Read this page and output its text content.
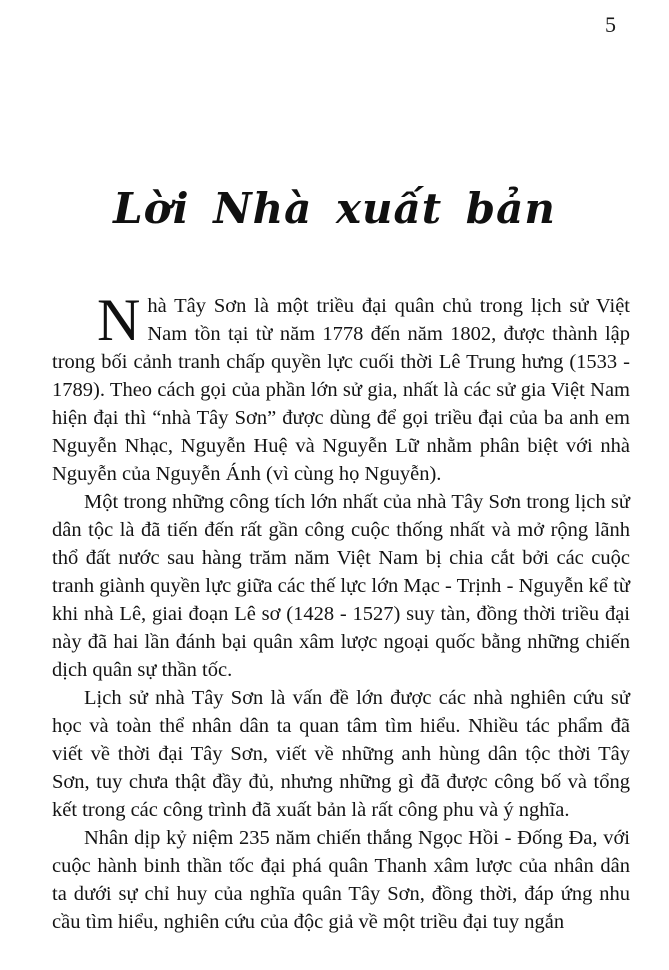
5
Lời Nhà xuất bản

Nhà Tây Sơn là một triều đại quân chủ trong lịch sử Việt Nam tồn tại từ năm 1778 đến năm 1802, được thành lập trong bối cảnh tranh chấp quyền lực cuối thời Lê Trung hưng (1533 - 1789). Theo cách gọi của phần lớn sử gia, nhất là các sử gia Việt Nam hiện đại thì “nhà Tây Sơn” được dùng để gọi triều đại của ba anh em Nguyễn Nhạc, Nguyễn Huệ và Nguyễn Lữ nhằm phân biệt với nhà Nguyễn của Nguyễn Ánh (vì cùng họ Nguyễn).

Một trong những công tích lớn nhất của nhà Tây Sơn trong lịch sử dân tộc là đã tiến đến rất gần công cuộc thống nhất và mở rộng lãnh thổ đất nước sau hàng trăm năm Việt Nam bị chia cắt bởi các cuộc tranh giành quyền lực giữa các thế lực lớn Mạc - Trịnh - Nguyễn kể từ khi nhà Lê, giai đoạn Lê sơ (1428 - 1527) suy tàn, đồng thời triều đại này đã hai lần đánh bại quân xâm lược ngoại quốc bằng những chiến dịch quân sự thần tốc.

Lịch sử nhà Tây Sơn là vấn đề lớn được các nhà nghiên cứu sử học và toàn thể nhân dân ta quan tâm tìm hiểu. Nhiều tác phẩm đã viết về thời đại Tây Sơn, viết về những anh hùng dân tộc thời Tây Sơn, tuy chưa thật đầy đủ, nhưng những gì đã được công bố và tổng kết trong các công trình đã xuất bản là rất công phu và ý nghĩa.

Nhân dịp kỷ niệm 235 năm chiến thắng Ngọc Hồi - Đống Đa, với cuộc hành binh thần tốc đại phá quân Thanh xâm lược của nhân dân ta dưới sự chỉ huy của nghĩa quân Tây Sơn, đồng thời, đáp ứng nhu cầu tìm hiểu, nghiên cứu của độc giả về một triều đại tuy ngắn
